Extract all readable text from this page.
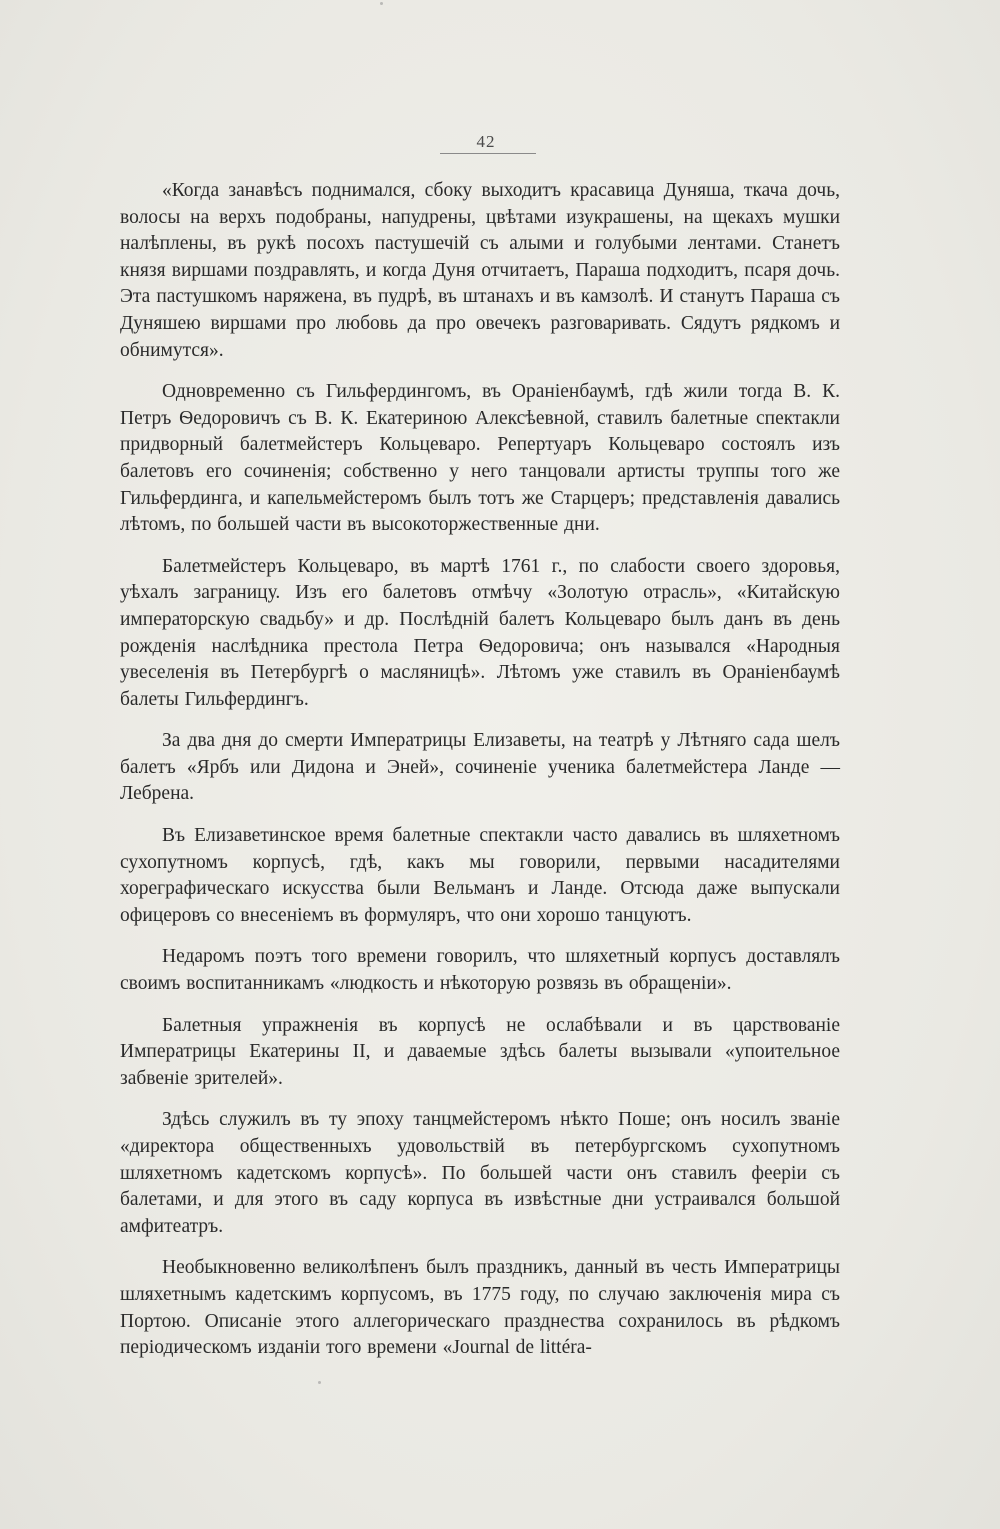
42

«Когда занавѣсъ поднимался, сбоку выходитъ красавица Дуняша, ткача дочь, волосы на верхъ подобраны, напудрены, цвѣтами изукрашены, на щекахъ мушки налѣплены, въ рукѣ посохъ пастушечій съ алыми и голубыми лентами. Станетъ князя виршами поздравлять, и когда Дуня отчитаетъ, Параша подходитъ, псаря дочь. Эта пастушкомъ наряжена, въ пудрѣ, въ штанахъ и въ камзолѣ. И станутъ Параша съ Дуняшею виршами про любовь да про овечекъ разговаривать. Сядутъ рядкомъ и обнимутся».

Одновременно съ Гильфердингомъ, въ Ораніенбаумѣ, гдѣ жили тогда В. К. Петръ Ѳедоровичъ съ В. К. Екатериною Алексѣевной, ставилъ балетные спектакли придворный балетмейстеръ Кольцеваро. Репертуаръ Кольцеваро состоялъ изъ балетовъ его сочиненія; собственно у него танцовали артисты труппы того же Гильфердинга, и капельмейстеромъ былъ тотъ же Старцеръ; представленія давались лѣтомъ, по большей части въ высокоторжественные дни.

Балетмейстеръ Кольцеваро, въ мартѣ 1761 г., по слабости своего здоровья, уѣхалъ заграницу. Изъ его балетовъ отмѣчу «Золотую отрасль», «Китайскую императорскую свадьбу» и др. Послѣдній балетъ Кольцеваро былъ данъ въ день рожденія наслѣдника престола Петра Ѳедоровича; онъ назывался «Народныя увеселенія въ Петербургѣ о масляницѣ». Лѣтомъ уже ставилъ въ Ораніенбаумѣ балеты Гильфердингъ.

За два дня до смерти Императрицы Елизаветы, на театрѣ у Лѣтняго сада шелъ балетъ «Ярбъ или Дидона и Эней», сочиненіе ученика балетмейстера Ланде — Лебрена.

Въ Елизаветинское время балетные спектакли часто давались въ шляхетномъ сухопутномъ корпусѣ, гдѣ, какъ мы говорили, первыми насадителями хореграфическаго искусства были Вельманъ и Ланде. Отсюда даже выпускали офицеровъ со внесеніемъ въ формуляръ, что они хорошо танцуютъ.

Недаромъ поэтъ того времени говорилъ, что шляхетный корпусъ доставлялъ своимъ воспитанникамъ «людкость и нѣкоторую розвязь въ обращеніи».

Балетныя упражненія въ корпусѣ не ослабѣвали и въ царствованіе Императрицы Екатерины II, и даваемые здѣсь балеты вызывали «упоительное забвеніе зрителей».

Здѣсь служилъ въ ту эпоху танцмейстеромъ нѣкто Поше; онъ носилъ званіе «директора общественныхъ удовольствій въ петербургскомъ сухопутномъ шляхетномъ кадетскомъ корпусѣ». По большей части онъ ставилъ феерiи съ балетами, и для этого въ саду корпуса въ извѣстные дни устраивался большой амфитеатръ.

Необыкновенно великолѣпенъ былъ праздникъ, данный въ честь Императрицы шляхетнымъ кадетскимъ корпусомъ, въ 1775 году, по случаю заключенія мира съ Портою. Описаніе этого аллегорическаго празднества сохранилось въ рѣдкомъ періодическомъ изданіи того времени «Journal de littéra-
